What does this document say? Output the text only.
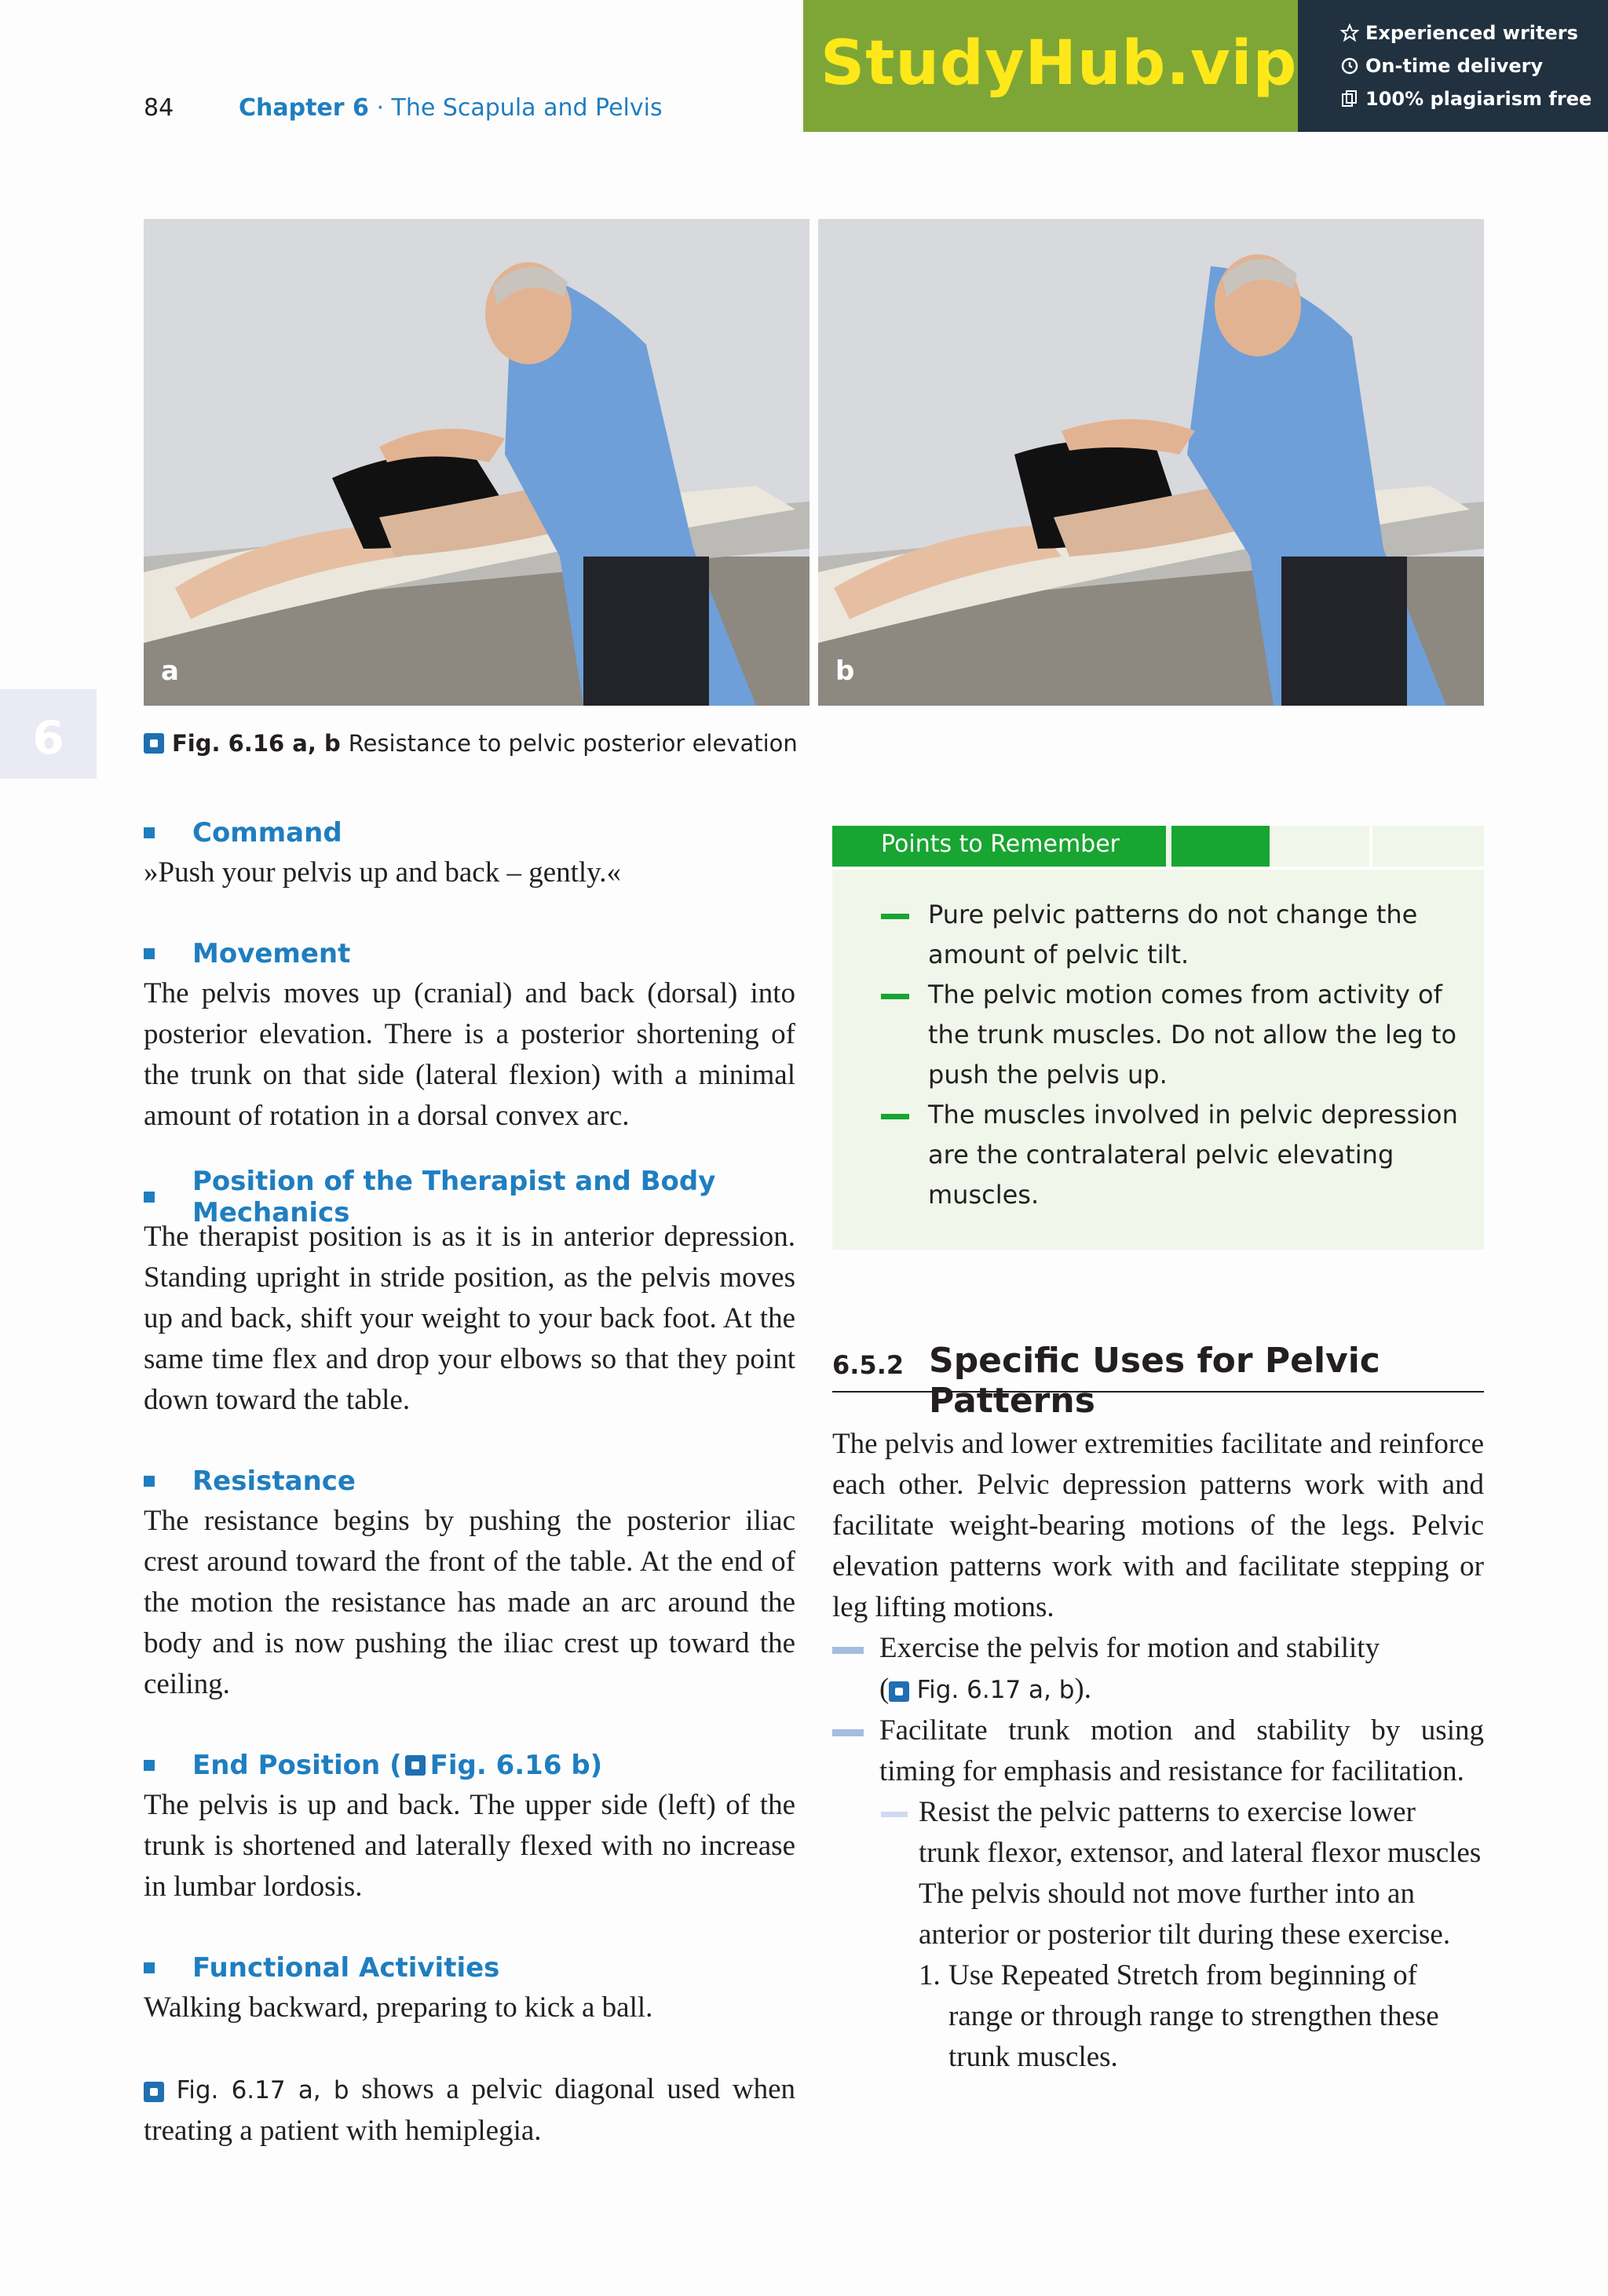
84	Chapter 6 · The Scapula and Pelvis
StudyHub.vip	Experienced writers
On-time delivery
100% plagiarism free
6
a	b
Fig. 6.16 a, b Resistance to pelvic posterior elevation
Command

»Push your pelvis up and back – gently.«

Movement

The pelvis moves up (cranial) and back (dorsal) into posterior elevation. There is a posterior shortening of the trunk on that side (lateral flexion) with a minimal amount of rotation in a dorsal convex arc.

Position of the Therapist and Body Mechanics

The therapist position is as it is in anterior depression. Standing upright in stride position, as the pelvis moves up and back, shift your weight to your back foot. At the same time flex and drop your elbows so that they point down toward the table.

Resistance

The resistance begins by pushing the posterior iliac crest around toward the front of the table. At the end of the motion the resistance has made an arc around the body and is now pushing the iliac crest up toward the ceiling.

End Position ( Fig. 6.16 b )

The pelvis is up and back. The upper side (left) of the trunk is shortened and laterally flexed with no increase in lumbar lordosis.

Functional Activities

Walking backward, preparing to kick a ball.

Fig. 6.17 a, b shows a pelvic diagonal used when treating a patient with hemiplegia.

Points to Remember
Pure pelvic patterns do not change the amount of pelvic tilt.
The pelvic motion comes from activity of the trunk muscles. Do not allow the leg to push the pelvis up.
The muscles involved in pelvic depression are the contralateral pelvic elevating muscles.
6.5.2 Specific Uses for Pelvic Patterns

The pelvis and lower extremities facilitate and reinforce each other. Pelvic depression patterns work with and facilitate weight-bearing motions of the legs. Pelvic elevation patterns work with and facilitate stepping or leg lifting motions.

Exercise the pelvis for motion and stability
( Fig. 6.17 a, b).

Facilitate trunk motion and stability by using timing for emphasis and resistance for facilitation.

Resist the pelvic patterns to exercise lower trunk flexor, extensor, and lateral flexor muscles The pelvis should not move further into an anterior or posterior tilt during these exercise.

1. Use Repeated Stretch from beginning of range or through range to strengthen these trunk muscles.
